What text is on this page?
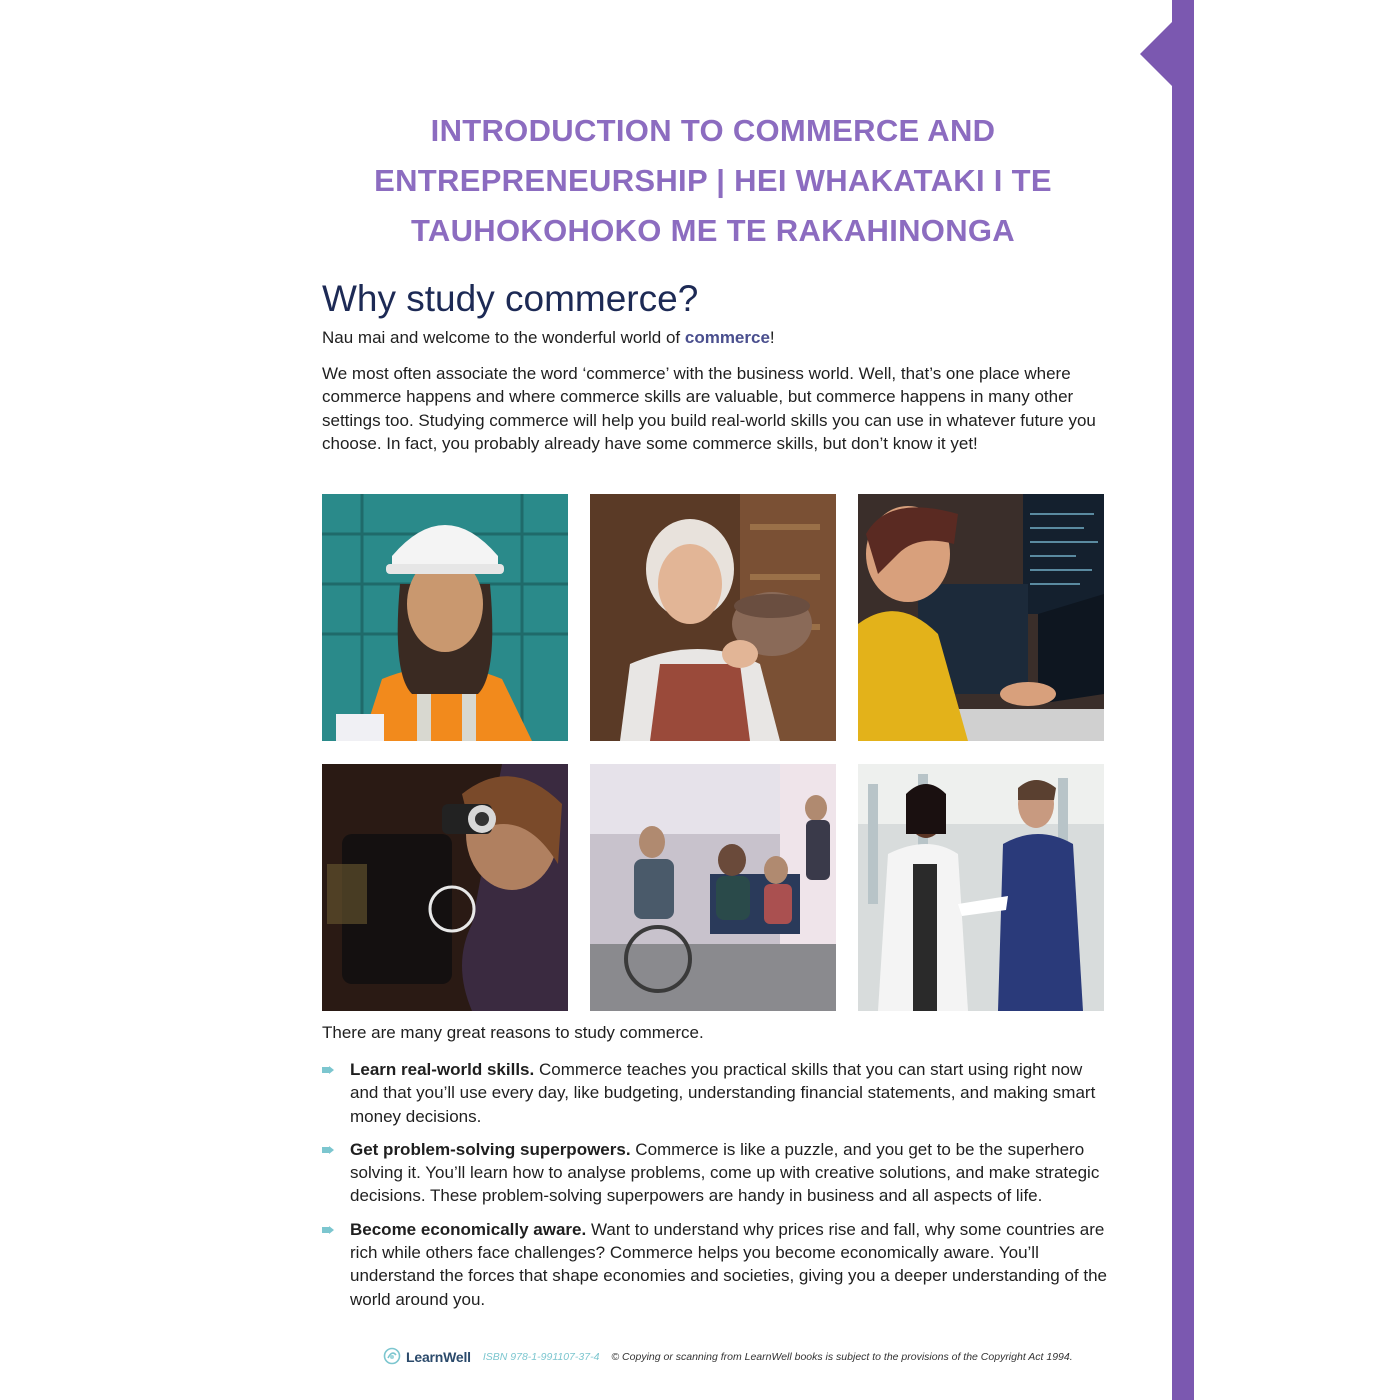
INTRODUCTION TO COMMERCE AND ENTREPRENEURSHIP | HEI WHAKATAKI I TE TAUHOKOHOKO ME TE RAKAHINONGA
Why study commerce?

Nau mai and welcome to the wonderful world of commerce!

We most often associate the word ‘commerce’ with the business world. Well, that’s one place where commerce happens and where commerce skills are valuable, but commerce happens in many other settings too. Studying commerce will help you build real-world skills you can use in whatever future you choose. In fact, you probably already have some commerce skills, but don’t know it yet!

There are many great reasons to study commerce.

Learn real-world skills. Commerce teaches you practical skills that you can start using right now and that you’ll use every day, like budgeting, understanding financial statements, and making smart money decisions.
Get problem-solving superpowers. Commerce is like a puzzle, and you get to be the superhero solving it. You’ll learn how to analyse problems, come up with creative solutions, and make strategic decisions. These problem-solving superpowers are handy in business and all aspects of life.
Become economically aware. Want to understand why prices rise and fall, why some countries are rich while others face challenges? Commerce helps you become economically aware. You’ll understand the forces that shape economies and societies, giving you a deeper understanding of the world around you.
LearnWell ISBN 978-1-991107-37-4 © Copying or scanning from LearnWell books is subject to the provisions of the Copyright Act 1994.
